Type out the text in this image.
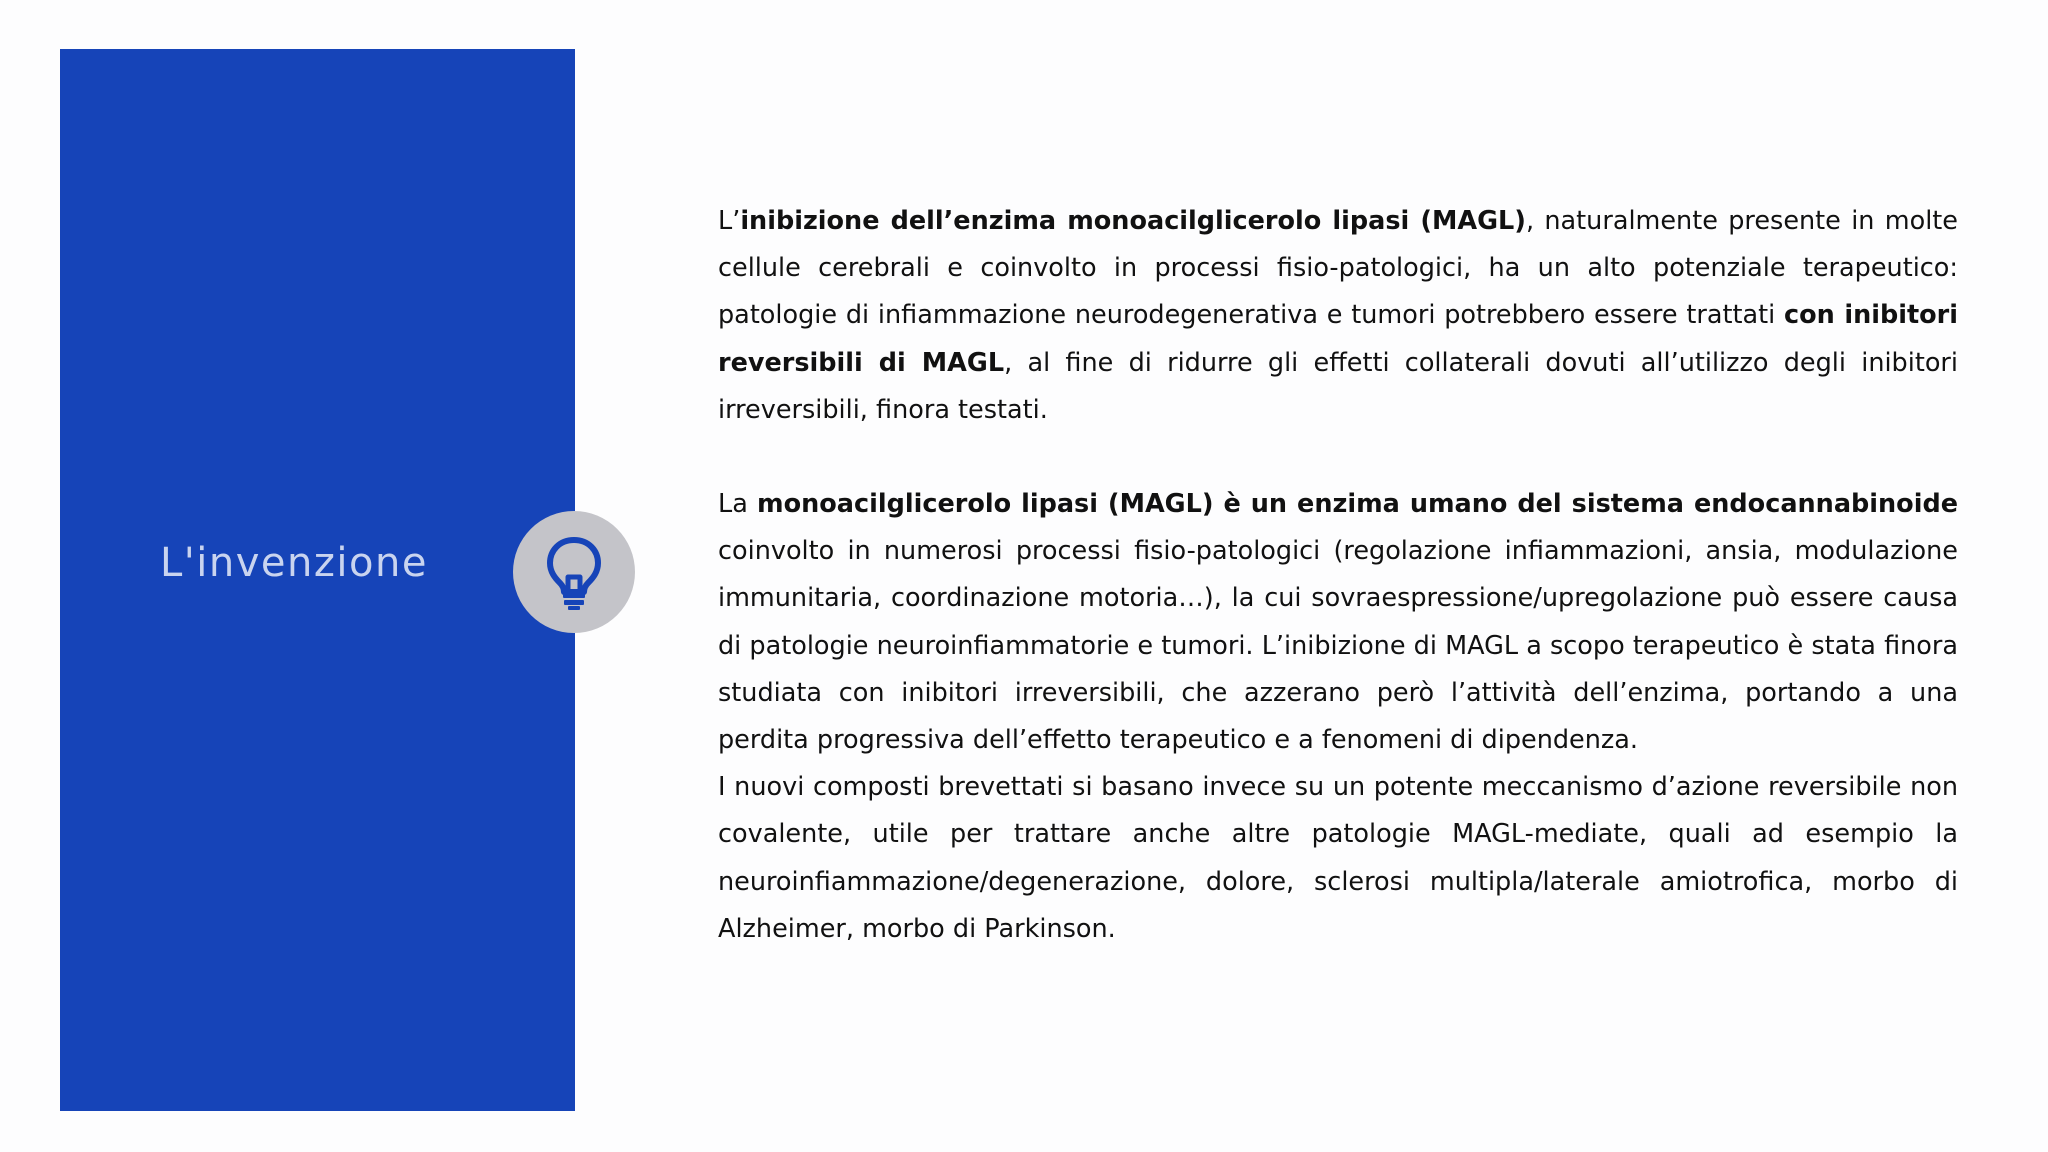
L'invenzione

L’inibizione dell’enzima monoacilglicerolo lipasi (MAGL), naturalmente presente in molte cellule cerebrali e coinvolto in processi fisio-patologici, ha un alto potenziale terapeutico: patologie di infiammazione neurodegenerativa e tumori potrebbero essere trattati con inibitori reversibili di MAGL, al fine di ridurre gli effetti collaterali dovuti all’utilizzo degli inibitori irreversibili, finora testati.

La monoacilglicerolo lipasi (MAGL) è un enzima umano del sistema endocannabinoide coinvolto in numerosi processi fisio-patologici (regolazione infiammazioni, ansia, modulazione immunitaria, coordinazione motoria…), la cui sovraespressione/upregolazione può essere causa di patologie neuroinfiammatorie e tumori. L’inibizione di MAGL a scopo terapeutico è stata finora studiata con inibitori irreversibili, che azzerano però l’attività dell’enzima, portando a una perdita progressiva dell’effetto terapeutico e a fenomeni di dipendenza.

I nuovi composti brevettati si basano invece su un potente meccanismo d’azione reversibile non covalente, utile per trattare anche altre patologie MAGL-mediate, quali ad esempio la neuroinfiammazione/degenerazione, dolore, sclerosi multipla/laterale amiotrofica, morbo di Alzheimer, morbo di Parkinson.
